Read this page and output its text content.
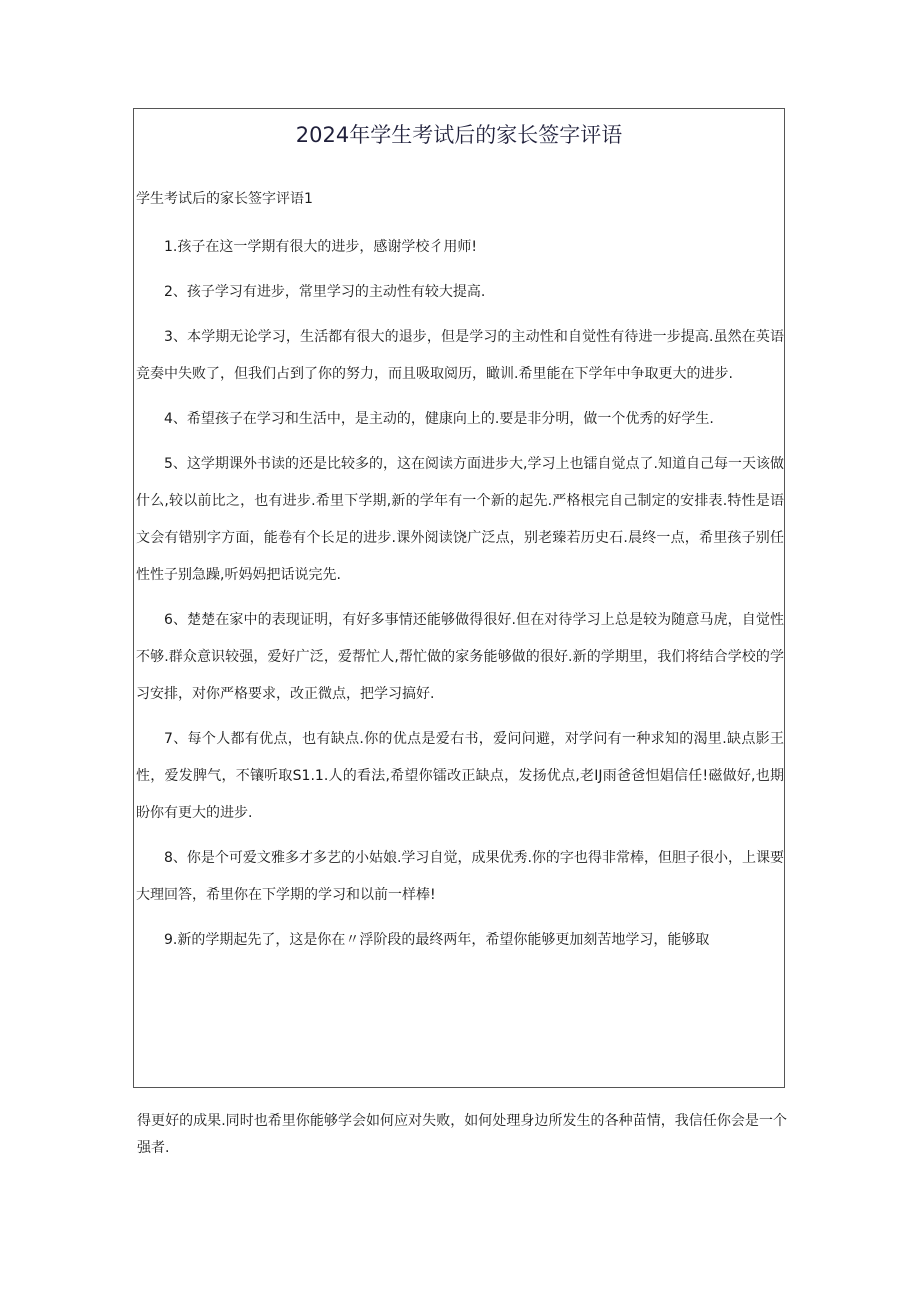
2024年学生考试后的家长签字评语

学生考试后的家长签字评语1

1.孩子在这一学期有很大的进步，感谢学校彳用师!

2、孩子学习有进步，常里学习的主动性有较大提高.

3、本学期无论学习，生活都有很大的退步，但是学习的主动性和自觉性有待进一步提高.虽然在英语竞奏中失败了，但我们占到了你的努力，而且吸取阅历，瞰训.希里能在下学年中争取更大的进步.

4、希望孩子在学习和生活中，是主动的，健康向上的.要是非分明，做一个优秀的好学生.

5、这学期课外书读的还是比较多的，这在阅读方面进步大,学习上也镭自觉点了.知道自己每一天该做什么,较以前比之，也有进步.希里下学期,新的学年有一个新的起先.严格根完自己制定的安排表.特性是语文会有错别字方面，能卷有个长足的进步.课外阅读饶广泛点，别老臻若历史石.晨终一点，希里孩子别任性性子别急躁,听妈妈把话说完先.

6、楚楚在家中的表现证明，有好多事情还能够做得很好.但在对待学习上总是较为随意马虎，自觉性不够.群众意识较强，爱好广泛，爱帮忙人,帮忙做的家务能够做的很好.新的学期里，我们将结合学校的学习安排，对你严格要求，改正微点，把学习搞好.

7、每个人都有优点，也有缺点.你的优点是爱右书，爱问问避，对学问有一种求知的渴里.缺点影王性，爱发脾气，不镶听取S1.1.人的看法,希望你镭改正缺点，发扬优点,老IJ雨爸爸怛娼信任!磁做好,也期盼你有更大的进步.

8、你是个可爱文雅多才多艺的小姑娘.学习自觉，成果优秀.你的字也得非常棒，但胆子很小，上课要大理回答，希里你在下学期的学习和以前一样棒!

9.新的学期起先了，这是你在〃浮阶段的最终两年，希望你能够更加刻苦地学习，能够取

得更好的成果.同时也希里你能够学会如何应对失败，如何处理身边所发生的各种苗情，我信任你会是一个强者.
